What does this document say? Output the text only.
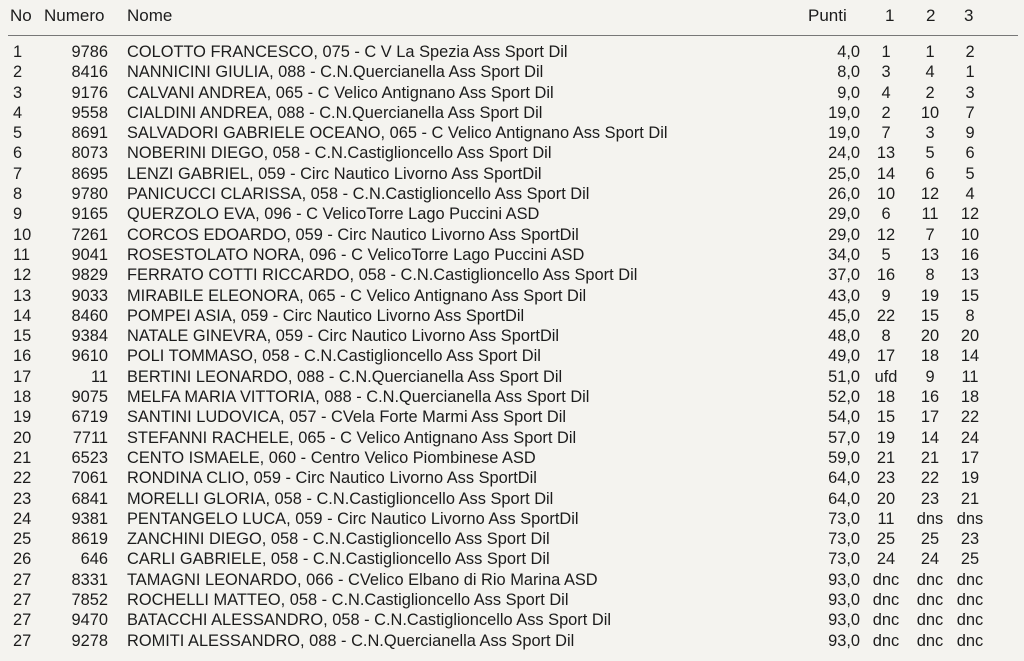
No Numero Nome	Punti 1 2 3
1	9786 COLOTTO FRANCESCO, 075 - C V La Spezia Ass Sport Dil	4,0	1	1	2
2	8416 NANNICINI GIULIA, 088 - C.N.Quercianella Ass Sport Dil	8,0	3	4	1
3	9176 CALVANI ANDREA, 065 - C Velico Antignano Ass Sport Dil	9,0	4	2	3
4	9558 CIALDINI ANDREA, 088 - C.N.Quercianella Ass Sport Dil	19,0	2	10	7
5	8691 SALVADORI GABRIELE OCEANO, 065 - C Velico Antignano Ass Sport Dil	19,0	7	3	9
6	8073 NOBERINI DIEGO, 058 - C.N.Castiglioncello Ass Sport Dil	24,0	13	5	6
7	8695 LENZI GABRIEL, 059 - Circ Nautico Livorno Ass SportDil	25,0	14	6	5
8	9780 PANICUCCI CLARISSA, 058 - C.N.Castiglioncello Ass Sport Dil	26,0	10	12	4
9	9165 QUERZOLO EVA, 096 - C VelicoTorre Lago Puccini ASD	29,0	6	11	12
10	7261 CORCOS EDOARDO, 059 - Circ Nautico Livorno Ass SportDil	29,0	12	7	10
11	9041 ROSESTOLATO NORA, 096 - C VelicoTorre Lago Puccini ASD	34,0	5	13	16
12	9829 FERRATO COTTI RICCARDO, 058 - C.N.Castiglioncello Ass Sport Dil	37,0	16	8	13
13	9033 MIRABILE ELEONORA, 065 - C Velico Antignano Ass Sport Dil	43,0	9	19	15
14	8460 POMPEI ASIA, 059 - Circ Nautico Livorno Ass SportDil	45,0	22	15	8
15	9384 NATALE GINEVRA, 059 - Circ Nautico Livorno Ass SportDil	48,0	8	20	20
16	9610 POLI TOMMASO, 058 - C.N.Castiglioncello Ass Sport Dil	49,0	17	18	14
17	11 BERTINI LEONARDO, 088 - C.N.Quercianella Ass Sport Dil	51,0 ufd	9	11
18	9075 MELFA MARIA VITTORIA, 088 - C.N.Quercianella Ass Sport Dil	52,0	18	16	18
19	6719 SANTINI LUDOVICA, 057 - CVela Forte Marmi Ass Sport Dil	54,0	15	17	22
20	7711 STEFANNI RACHELE, 065 - C Velico Antignano Ass Sport Dil	57,0	19	14	24
21	6523 CENTO ISMAELE, 060 - Centro Velico Piombinese ASD	59,0	21	21	17
22	7061 RONDINA CLIO, 059 - Circ Nautico Livorno Ass SportDil	64,0	23	22	19
23	6841 MORELLI GLORIA, 058 - C.N.Castiglioncello Ass Sport Dil	64,0	20	23	21
24	9381 PENTANGELO LUCA, 059 - Circ Nautico Livorno Ass SportDil	73,0	11	dns dns
25	8619 ZANCHINI DIEGO, 058 - C.N.Castiglioncello Ass Sport Dil	73,0	25	25	23
26	646 CARLI GABRIELE, 058 - C.N.Castiglioncello Ass Sport Dil	73,0	24	24	25
27	8331 TAMAGNI LEONARDO, 066 - CVelico Elbano di Rio Marina ASD	93,0 dnc	dnc dnc
27	7852 ROCHELLI MATTEO, 058 - C.N.Castiglioncello Ass Sport Dil	93,0 dnc	dnc dnc
27	9470 BATACCHI ALESSANDRO, 058 - C.N.Castiglioncello Ass Sport Dil	93,0 dnc	dnc dnc
27	9278 ROMITI ALESSANDRO, 088 - C.N.Quercianella Ass Sport Dil	93,0 dnc	dnc dnc
